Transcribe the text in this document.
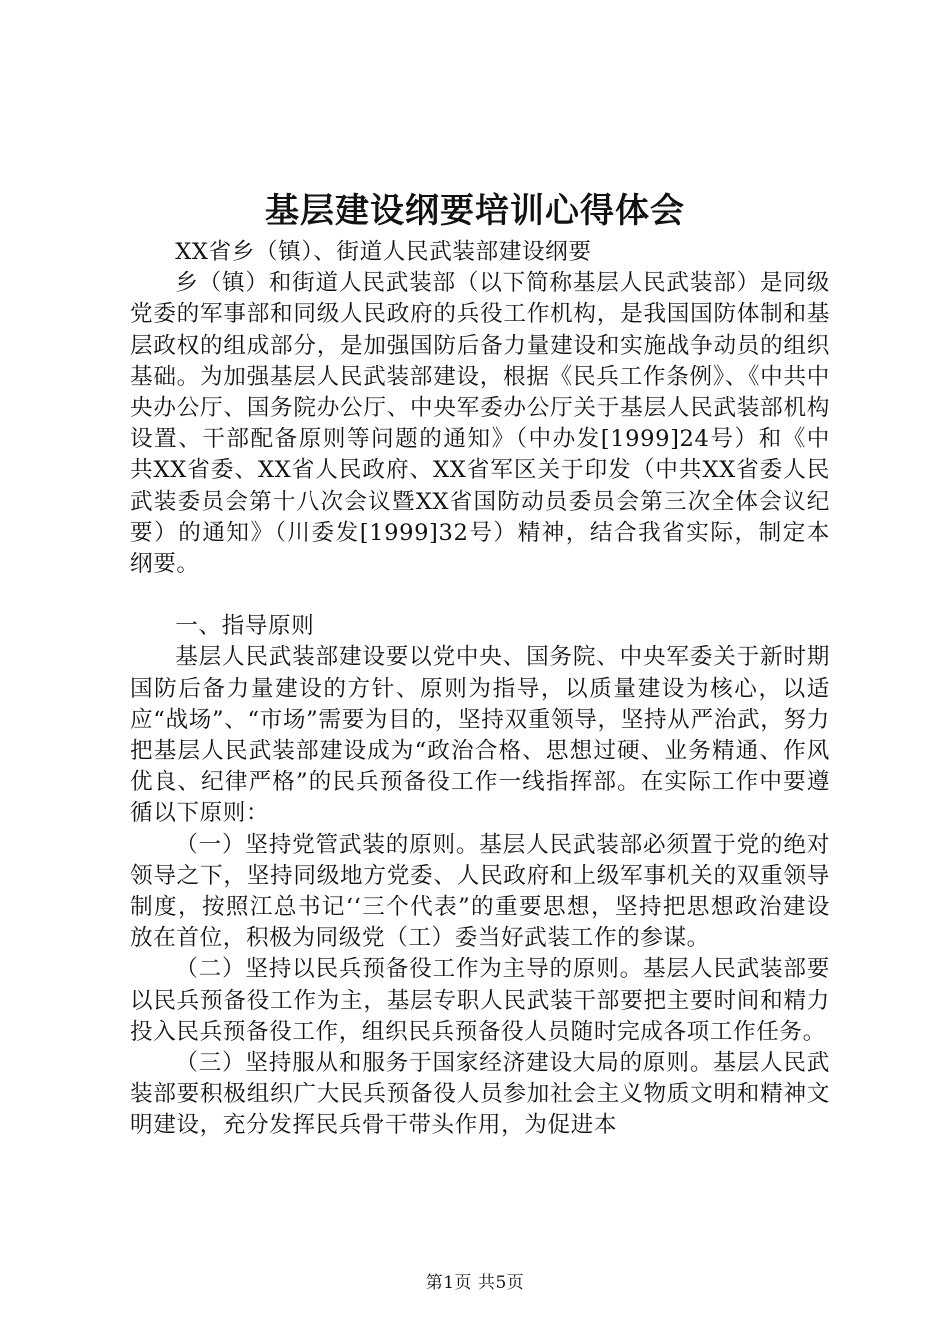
基层建设纲要培训心得体会

XX省乡（镇）、街道人民武装部建设纲要

乡（镇）和街道人民武装部（以下简称基层人民武装部）是同级党委的军事部和同级人民政府的兵役工作机构，是我国国防体制和基层政权的组成部分，是加强国防后备力量建设和实施战争动员的组织基础。为加强基层人民武装部建设，根据《民兵工作条例》、《中共中央办公厅、国务院办公厅、中央军委办公厅关于基层人民武装部机构设置、干部配备原则等问题的通知》（中办发[1999]24号）和《中共XX省委、XX省人民政府、XX省军区关于印发（中共XX省委人民武装委员会第十八次会议暨XX省国防动员委员会第三次全体会议纪要）的通知》（川委发[1999]32号）精神，结合我省实际，制定本纲要。

一、指导原则

基层人民武装部建设要以党中央、国务院、中央军委关于新时期国防后备力量建设的方针、原则为指导，以质量建设为核心，以适应“战场”、“市场”需要为目的，坚持双重领导，坚持从严治武，努力把基层人民武装部建设成为“政治合格、思想过硬、业务精通、作风优良、纪律严格”的民兵预备役工作一线指挥部。在实际工作中要遵循以下原则：

（一）坚持党管武装的原则。基层人民武装部必须置于党的绝对领导之下，坚持同级地方党委、人民政府和上级军事机关的双重领导制度，按照江总书记‘‘三个代表”的重要思想，坚持把思想政治建设放在首位，积极为同级党（工）委当好武装工作的参谋。

（二）坚持以民兵预备役工作为主导的原则。基层人民武装部要以民兵预备役工作为主，基层专职人民武装干部要把主要时间和精力投入民兵预备役工作，组织民兵预备役人员随时完成各项工作任务。

（三）坚持服从和服务于国家经济建设大局的原则。基层人民武装部要积极组织广大民兵预备役人员参加社会主义物质文明和精神文明建设，充分发挥民兵骨干带头作用，为促进本

第1页 共5页
